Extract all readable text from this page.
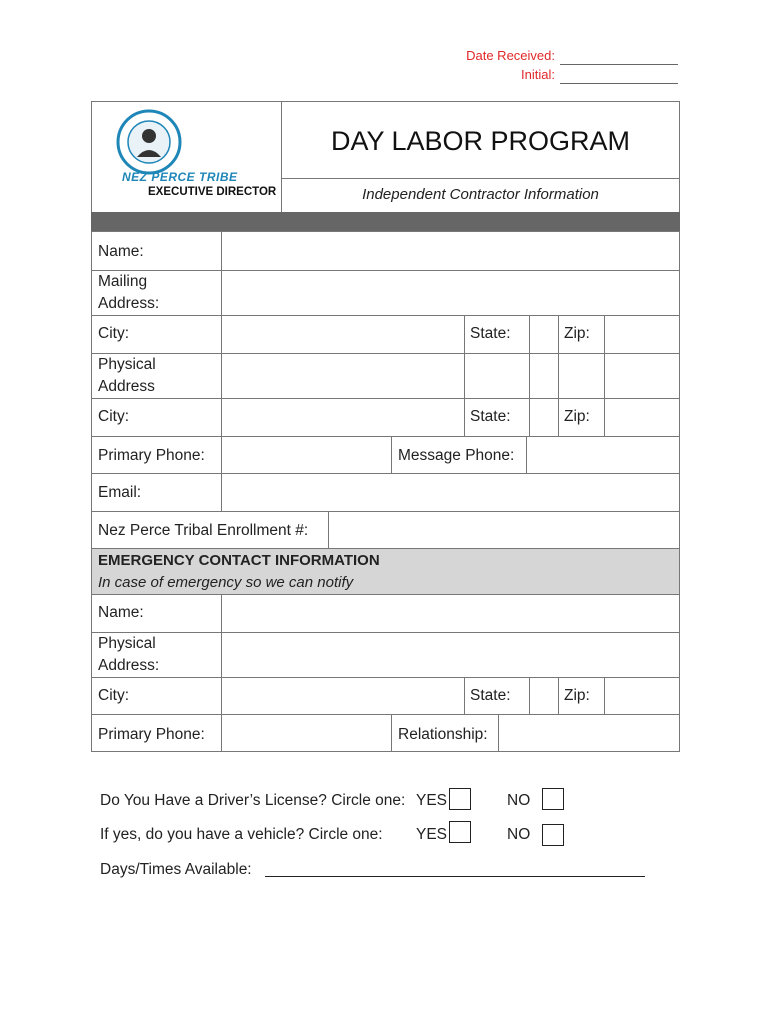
Date Received:
Initial:
NEZ PERCE TRIBE
EXECUTIVE DIRECTOR
DAY LABOR PROGRAM
Independent Contractor Information
Name:
Mailing
Address:
City:	State:	Zip:
Physical
Address
City:	State:	Zip:
Primary Phone:	Message Phone:
Email:
Nez Perce Tribal Enrollment #:
EMERGENCY CONTACT INFORMATION
In case of emergency so we can notify
Name:
Physical
Address:
City:	State:	Zip:
Primary Phone:	Relationship:
Do You Have a Driver’s License? Circle one: YES	NO
If yes, do you have a vehicle? Circle one: YES	NO
Days/Times Available:
